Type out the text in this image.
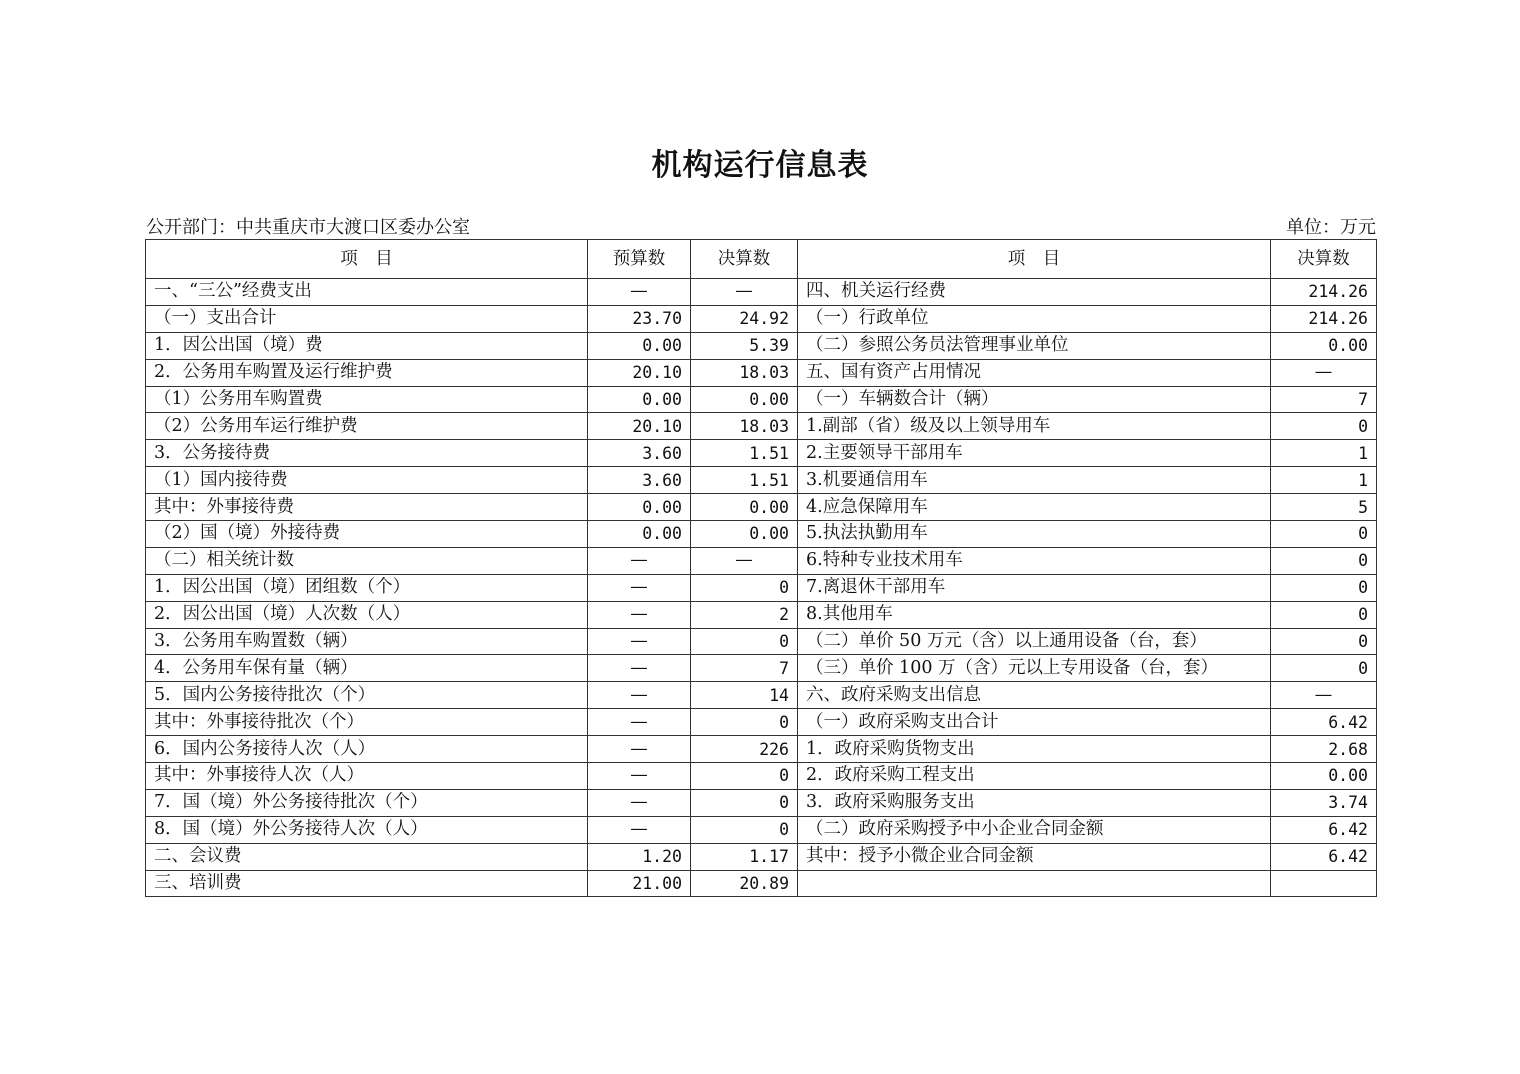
机构运行信息表
公开部门：中共重庆市大渡口区委办公室	单位：万元
项　目	预算数	决算数	项　目	决算数
一、“三公”经费支出	—	—	四、机关运行经费	214.26
（一）支出合计	23.70	24.92	（一）行政单位	214.26
1．因公出国（境）费	0.00	5.39	（二）参照公务员法管理事业单位	0.00
2．公务用车购置及运行维护费	20.10	18.03	五、国有资产占用情况	—
（1）公务用车购置费	0.00	0.00	（一）车辆数合计（辆）	7
（2）公务用车运行维护费	20.10	18.03	1.副部（省）级及以上领导用车	0
3．公务接待费	3.60	1.51	2.主要领导干部用车	1
（1）国内接待费	3.60	1.51	3.机要通信用车	1
其中：外事接待费	0.00	0.00	4.应急保障用车	5
（2）国（境）外接待费	0.00	0.00	5.执法执勤用车	0
（二）相关统计数	—	—	6.特种专业技术用车	0
1．因公出国（境）团组数（个）	—	0	7.离退休干部用车	0
2．因公出国（境）人次数（人）	—	2	8.其他用车	0
3．公务用车购置数（辆）	—	0	（二）单价 50 万元（含）以上通用设备（台，套）	0
4．公务用车保有量（辆）	—	7	（三）单价 100 万（含）元以上专用设备（台，套）	0
5．国内公务接待批次（个）	—	14	六、政府采购支出信息	—
其中：外事接待批次（个）	—	0	（一）政府采购支出合计	6.42
6．国内公务接待人次（人）	—	226	1．政府采购货物支出	2.68
其中：外事接待人次（人）	—	0	2．政府采购工程支出	0.00
7．国（境）外公务接待批次（个）	—	0	3．政府采购服务支出	3.74
8．国（境）外公务接待人次（人）	—	0	（二）政府采购授予中小企业合同金额	6.42
二、会议费	1.20	1.17	其中：授予小微企业合同金额	6.42
三、培训费	21.00	20.89		
